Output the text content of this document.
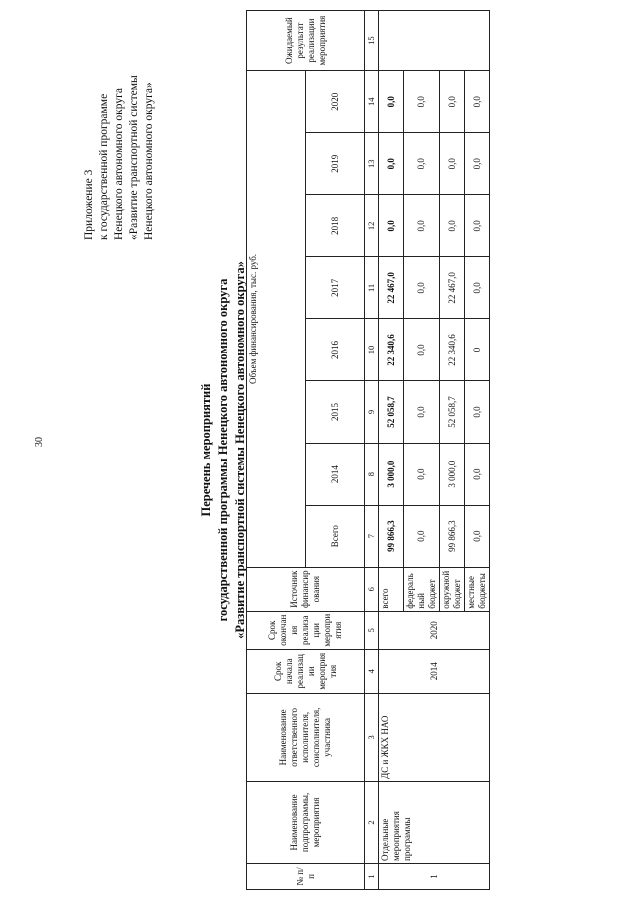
30
Приложение 3 к государственной программе Ненецкого автономного округа «Развитие транспортной системы Ненецкого автономного округа»
Перечень мероприятий государственной программы Ненецкого автономного округа «Развитие транспортной системы Ненецкого автономного округа»
№ п/п	Наименование подпрограммы, мероприятия	Наименование ответственного исполнителя, соисполнителя, участника	Срок начала реализации мероприятия	Срок окончания реализации мероприятия	Источник финансирования	Объем финансирования, тыс. руб.								Ожидаемый результат реализации мероприятия
						Всего	2014	2015	2016	2017	2018	2019	2020	
1	2	3	4	5	6	7	8	9	10	11	12	13	14	15
1	Отдельные мероприятия программы	ДС и ЖКХ НАО	2014	2020	всего	99 866,3	3 000,0	52 058,7	22 340,6	22 467,0	0,0	0,0	0,0	
					федеральный бюджет	0,0	0,0	0,0	0,0	0,0	0,0	0,0	0,0	
					окружной бюджет	99 866,3	3 000,0	52 058,7	22 340,6	22 467,0	0,0	0,0	0,0	
					местные бюджеты	0,0	0,0	0,0	0	0,0	0,0	0,0	0,0	
